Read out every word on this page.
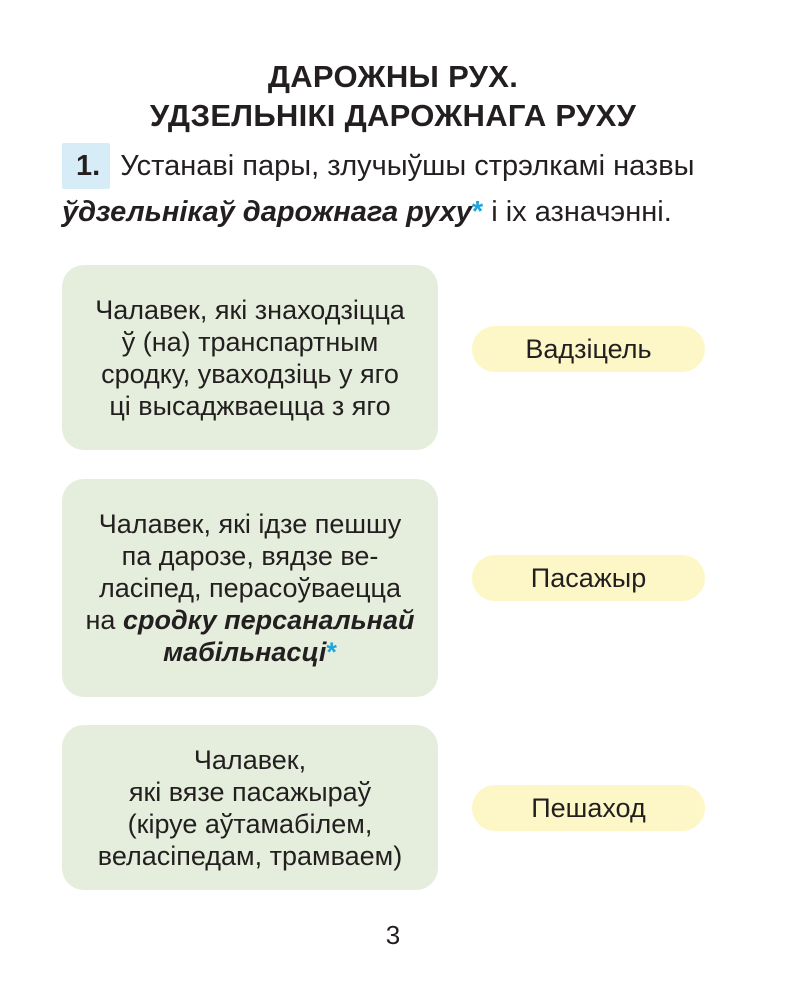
ДАРОЖНЫ РУХ.
УДЗЕЛЬНІКІ ДАРОЖНАГА РУХУ
1. Устанаві пары, злучыўшы стрэлкамі назвы
ўдзельнікаў дарожнага руху* і іх азначэнні.
Чалавек, які знаходзіцца
ў (на) транспартным
сродку, уваходзіць у яго
ці высаджваецца з яго
Чалавек, які ідзе пешшу
па дарозе, вядзе ве-
ласіпед, перасоўваецца
на сродку персанальнай
мабільнасці*
Чалавек,
які вязе пасажыраў
(кіруе аўтамабілем,
веласіпедам, трамваем)
Вадзіцель
Пасажыр
Пешаход
3
